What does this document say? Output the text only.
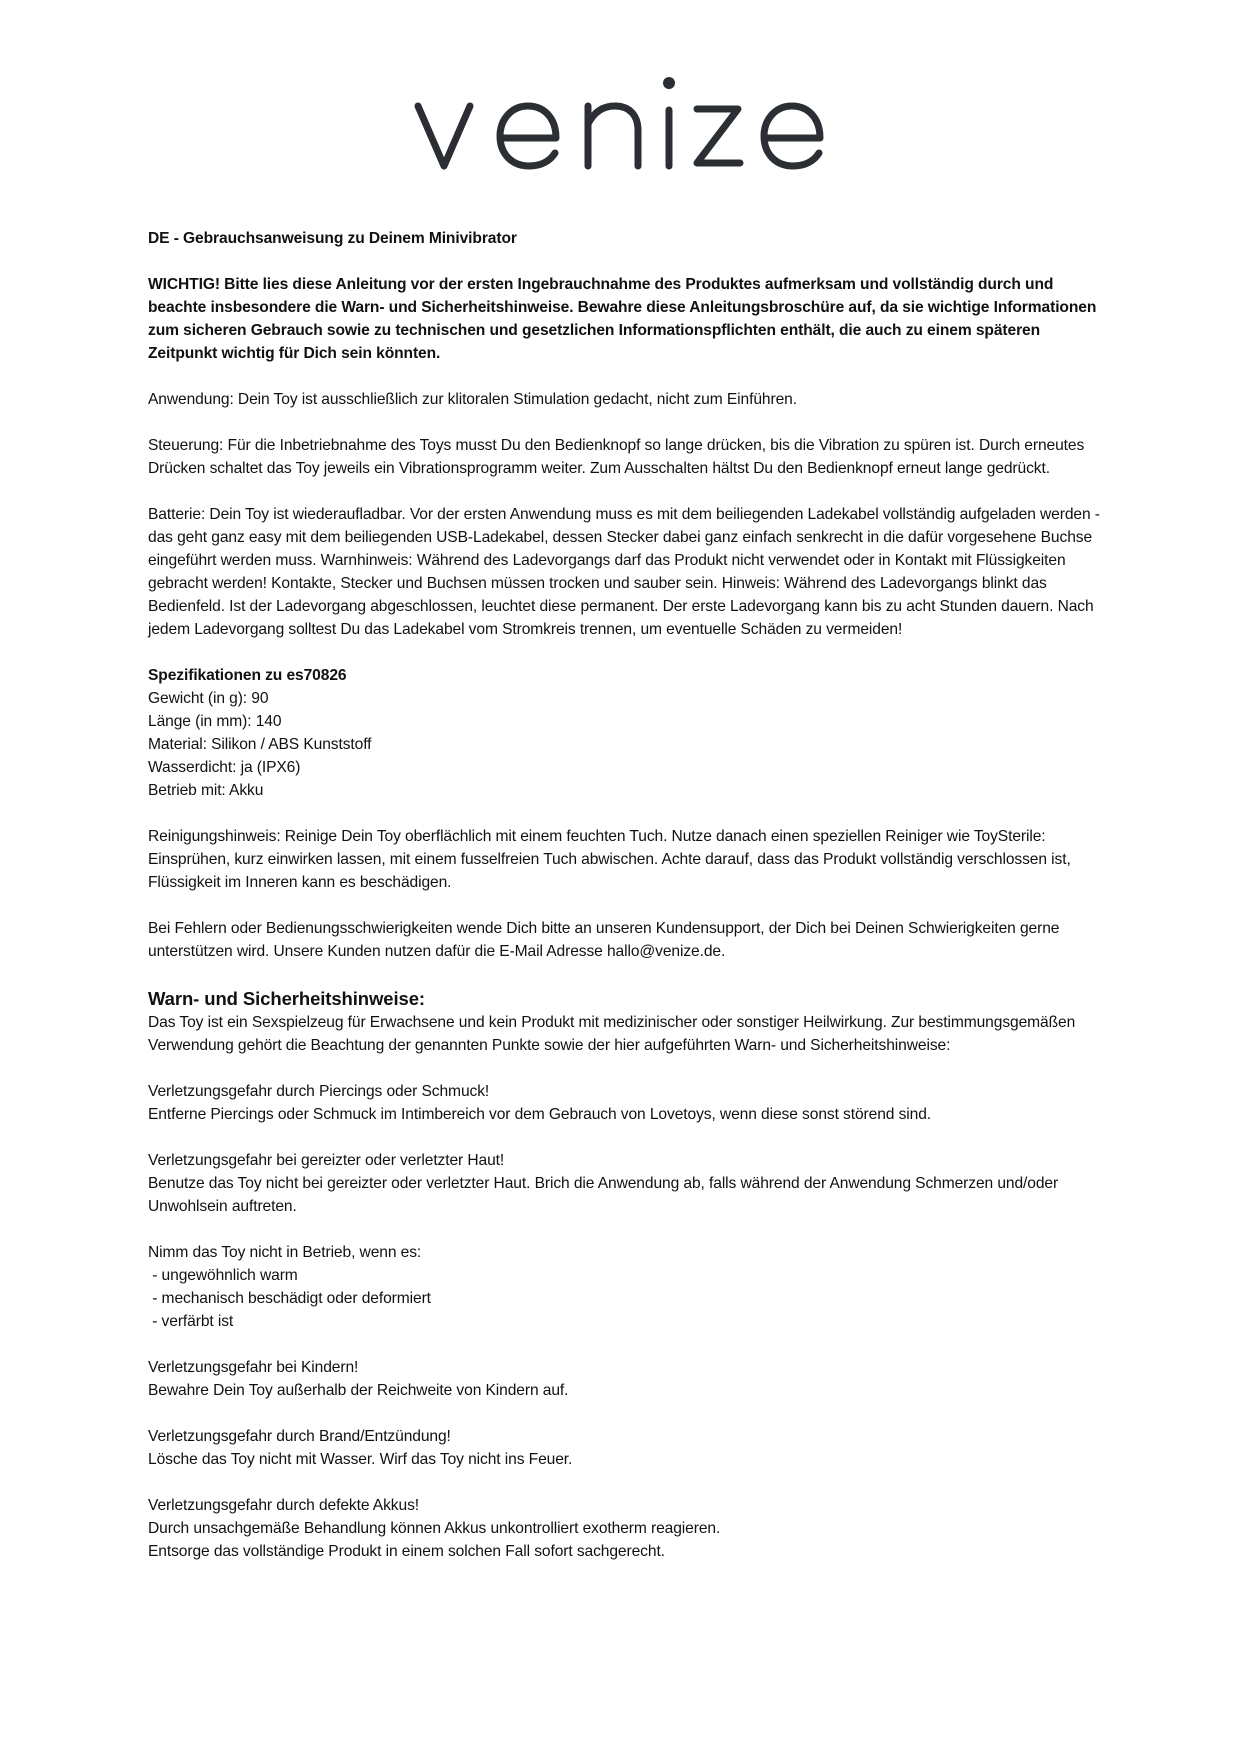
DE - Gebrauchsanweisung zu Deinem Minivibrator

WICHTIG! Bitte lies diese Anleitung vor der ersten Ingebrauchnahme des Produktes aufmerksam und vollständig durch und beachte insbesondere die Warn- und Sicherheitshinweise. Bewahre diese Anleitungsbroschüre auf, da sie wichtige Informationen zum sicheren Gebrauch sowie zu technischen und gesetzlichen Informationspflichten enthält, die auch zu einem späteren Zeitpunkt wichtig für Dich sein könnten.

Anwendung: Dein Toy ist ausschließlich zur klitoralen Stimulation gedacht, nicht zum Einführen.

Steuerung: Für die Inbetriebnahme des Toys musst Du den Bedienknopf so lange drücken, bis die Vibration zu spüren ist. Durch erneutes Drücken schaltet das Toy jeweils ein Vibrationsprogramm weiter. Zum Ausschalten hältst Du den Bedienknopf erneut lange gedrückt.

Batterie: Dein Toy ist wiederaufladbar. Vor der ersten Anwendung muss es mit dem beiliegenden Ladekabel vollständig aufgeladen werden - das geht ganz easy mit dem beiliegenden USB-Ladekabel, dessen Stecker dabei ganz einfach senkrecht in die dafür vorgesehene Buchse eingeführt werden muss. Warnhinweis: Während des Ladevorgangs darf das Produkt nicht verwendet oder in Kontakt mit Flüssigkeiten gebracht werden! Kontakte, Stecker und Buchsen müssen trocken und sauber sein. Hinweis: Während des Ladevorgangs blinkt das Bedienfeld. Ist der Ladevorgang abgeschlossen, leuchtet diese permanent. Der erste Ladevorgang kann bis zu acht Stunden dauern. Nach jedem Ladevorgang solltest Du das Ladekabel vom Stromkreis trennen, um eventuelle Schäden zu vermeiden!

Spezifikationen zu es70826
Gewicht (in g): 90
Länge (in mm): 140
Material: Silikon / ABS Kunststoff
Wasserdicht: ja (IPX6)
Betrieb mit: Akku

Reinigungshinweis: Reinige Dein Toy oberflächlich mit einem feuchten Tuch. Nutze danach einen speziellen Reiniger wie ToySterile: Einsprühen, kurz einwirken lassen, mit einem fusselfreien Tuch abwischen. Achte darauf, dass das Produkt vollständig verschlossen ist, Flüssigkeit im Inneren kann es beschädigen.

Bei Fehlern oder Bedienungsschwierigkeiten wende Dich bitte an unseren Kundensupport, der Dich bei Deinen Schwierigkeiten gerne unterstützen wird. Unsere Kunden nutzen dafür die E-Mail Adresse hallo@venize.de.

Warn- und Sicherheitshinweise:

Das Toy ist ein Sexspielzeug für Erwachsene und kein Produkt mit medizinischer oder sonstiger Heilwirkung. Zur bestimmungsgemäßen Verwendung gehört die Beachtung der genannten Punkte sowie der hier aufgeführten Warn- und Sicherheitshinweise:

Verletzungsgefahr durch Piercings oder Schmuck!
Entferne Piercings oder Schmuck im Intimbereich vor dem Gebrauch von Lovetoys, wenn diese sonst störend sind.

Verletzungsgefahr bei gereizter oder verletzter Haut!
Benutze das Toy nicht bei gereizter oder verletzter Haut. Brich die Anwendung ab, falls während der Anwendung Schmerzen und/oder Unwohlsein auftreten.

Nimm das Toy nicht in Betrieb, wenn es:
- ungewöhnlich warm
- mechanisch beschädigt oder deformiert
- verfärbt ist

Verletzungsgefahr bei Kindern!
Bewahre Dein Toy außerhalb der Reichweite von Kindern auf.

Verletzungsgefahr durch Brand/Entzündung!
Lösche das Toy nicht mit Wasser. Wirf das Toy nicht ins Feuer.

Verletzungsgefahr durch defekte Akkus!
Durch unsachgemäße Behandlung können Akkus unkontrolliert exotherm reagieren.
Entsorge das vollständige Produkt in einem solchen Fall sofort sachgerecht.
